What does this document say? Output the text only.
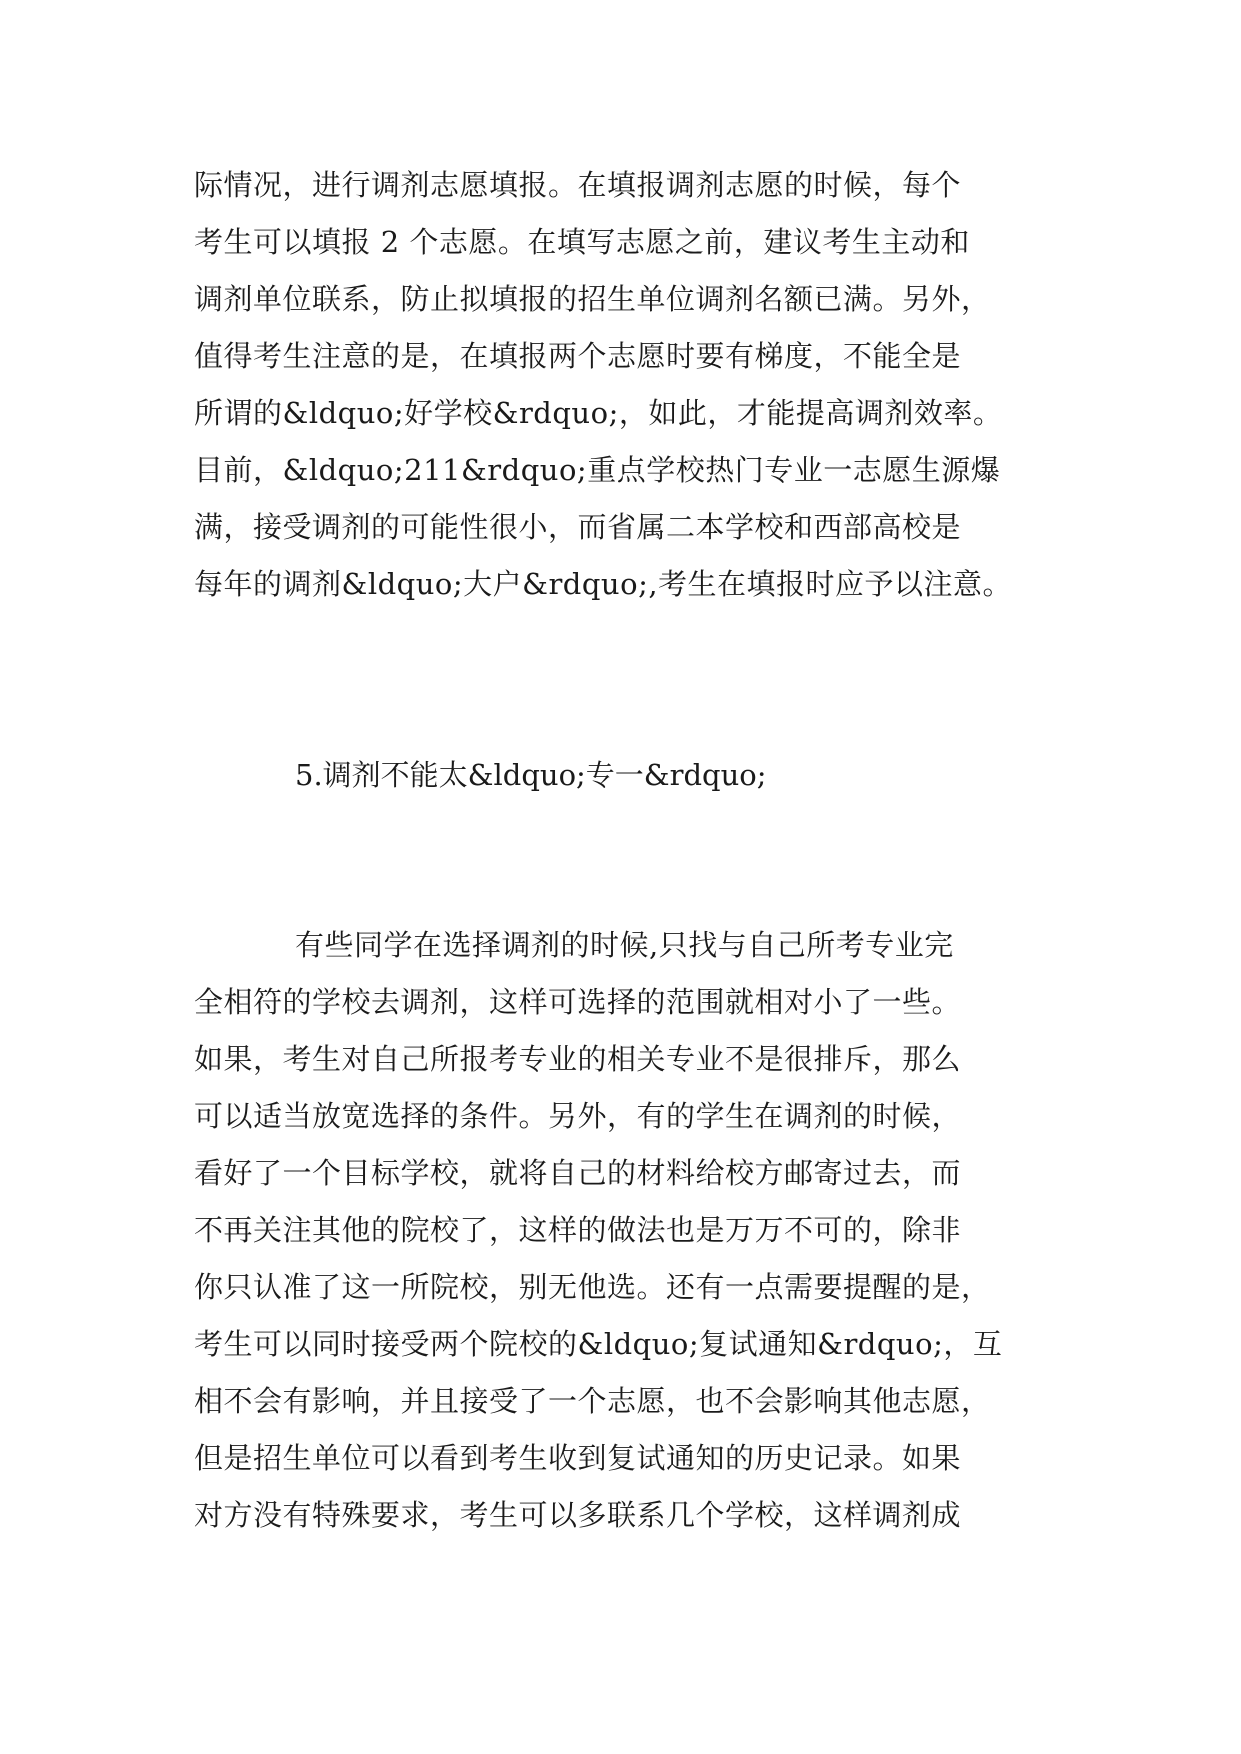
际情况，进行调剂志愿填报。在填报调剂志愿的时候，每个
考生可以填报 2 个志愿。在填写志愿之前，建议考生主动和
调剂单位联系，防止拟填报的招生单位调剂名额已满。另外，
值得考生注意的是，在填报两个志愿时要有梯度，不能全是
所谓的&ldquo;好学校&rdquo;，如此，才能提高调剂效率。
目前，&ldquo;211&rdquo;重点学校热门专业一志愿生源爆
满，接受调剂的可能性很小，而省属二本学校和西部高校是
每年的调剂&ldquo;大户&rdquo;,考生在填报时应予以注意。
5.调剂不能太&ldquo;专一&rdquo;
有些同学在选择调剂的时候,只找与自己所考专业完
全相符的学校去调剂，这样可选择的范围就相对小了一些。
如果，考生对自己所报考专业的相关专业不是很排斥，那么
可以适当放宽选择的条件。另外，有的学生在调剂的时候，
看好了一个目标学校，就将自己的材料给校方邮寄过去，而
不再关注其他的院校了，这样的做法也是万万不可的，除非
你只认准了这一所院校，别无他选。还有一点需要提醒的是，
考生可以同时接受两个院校的&ldquo;复试通知&rdquo;，互
相不会有影响，并且接受了一个志愿，也不会影响其他志愿，
但是招生单位可以看到考生收到复试通知的历史记录。如果
对方没有特殊要求，考生可以多联系几个学校，这样调剂成
